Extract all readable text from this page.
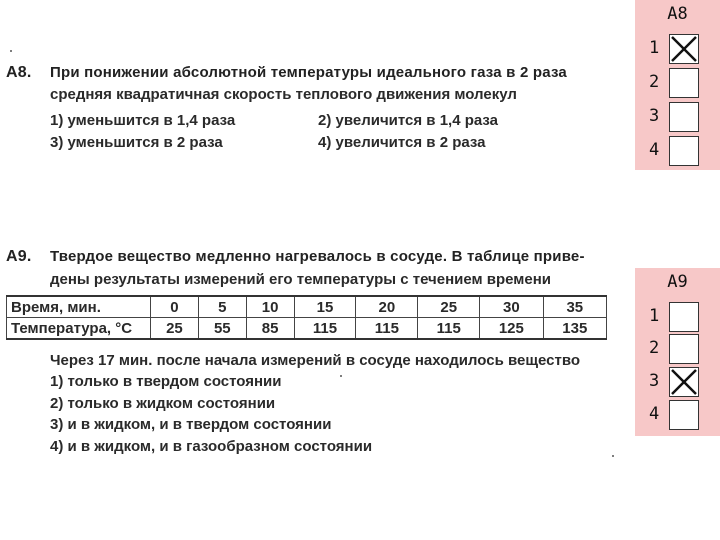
A8. При понижении абсолютной температуры идеального газа в 2 раза
средняя квадратичная скорость теплового движения молекул
1) уменьшится в 1,4 раза	2) увеличится в 1,4 раза
3) уменьшится в 2 раза	4) увеличится в 2 раза
A9. Твердое вещество медленно нагревалось в сосуде. В таблице приве-
дены результаты измерений его температуры с течением времени
Время, мин.	0	5	10	15	20	25	30	35
Температура, °С	25	55	85	115	115	115	125	135
Через 17 мин. после начала измерений в сосуде находилось вещество
1) только в твердом состоянии
2) только в жидком состоянии
3) и в жидком, и в твердом состоянии
4) и в жидком, и в газообразном состоянии
A8
1
2
3
4
A9
1
2
3
4
